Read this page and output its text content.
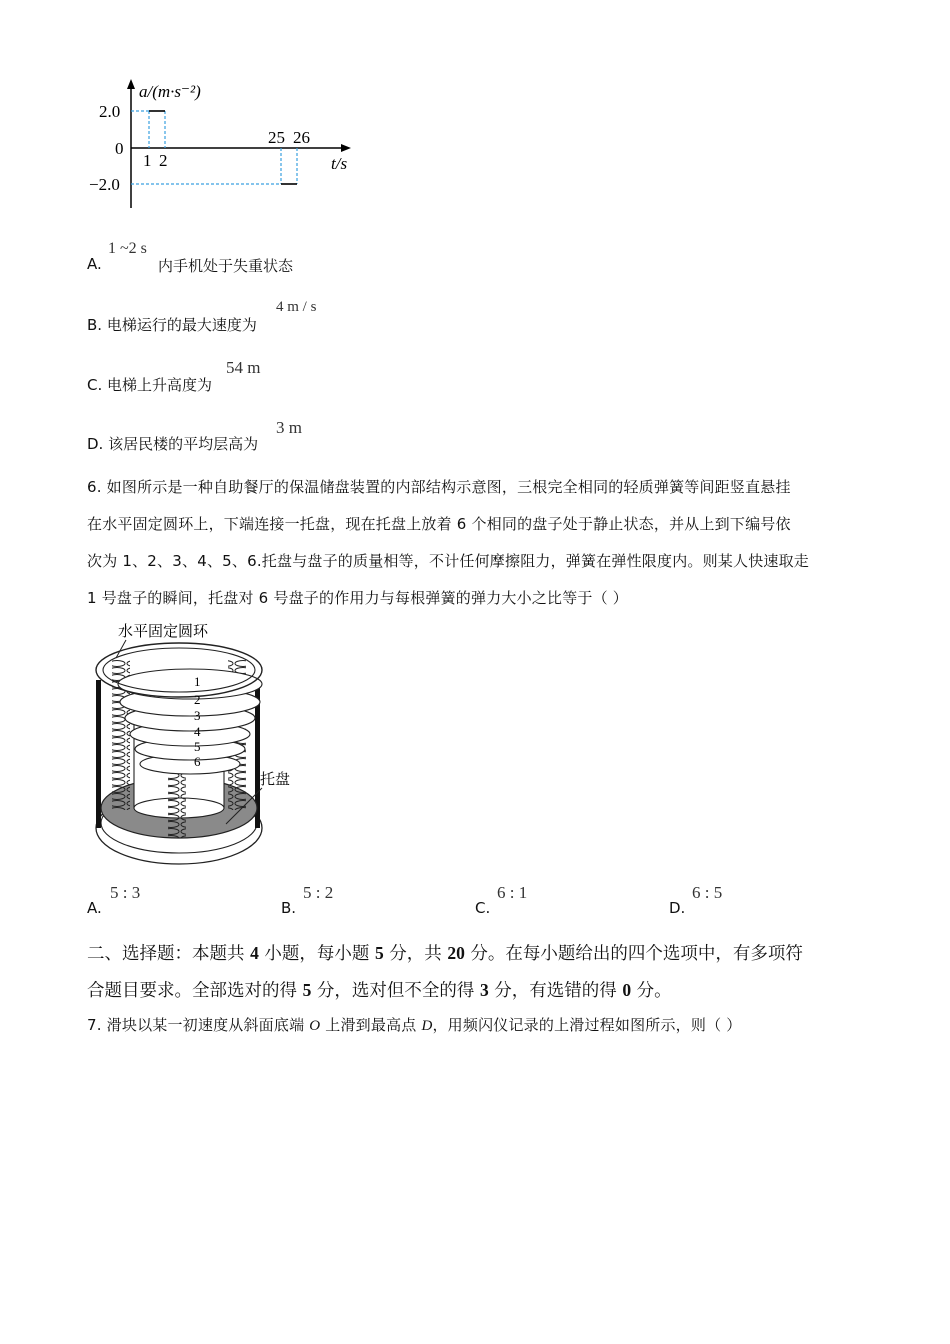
a/(m·s⁻²)
2.0
0
−2.0
1 2
25 26
t/s
A.
1 ~2 s
内手机处于失重状态
B. 电梯运行的最大速度为
4 m / s
C. 电梯上升高度为
54 m
D. 该居民楼的平均层高为
3 m
6. 如图所示是一种自助餐厅的保温储盘装置的内部结构示意图，三根完全相同的轻质弹簧等间距竖直悬挂
在水平固定圆环上，下端连接一托盘，现在托盘上放着 6 个相同的盘子处于静止状态，并从上到下编号依
次为 1、2、3、4、5、6.托盘与盘子的质量相等，不计任何摩擦阻力，弹簧在弹性限度内。则某人快速取走
1 号盘子的瞬间，托盘对 6 号盘子的作用力与每根弹簧的弹力大小之比等于（ ）
水平固定圆环
托盘
1
2
3
4
5
6
A.
5 : 3
B.
5 : 2
C.
6 : 1
D.
6 : 5
二、选择题：本题共 4 小题，每小题 5 分，共 20 分。在每小题给出的四个选项中，有多项符
合题目要求。全部选对的得 5 分，选对但不全的得 3 分，有选错的得 0 分。
7. 滑块以某一初速度从斜面底端 O 上滑到最高点 D，用频闪仪记录的上滑过程如图所示，则（ ）
